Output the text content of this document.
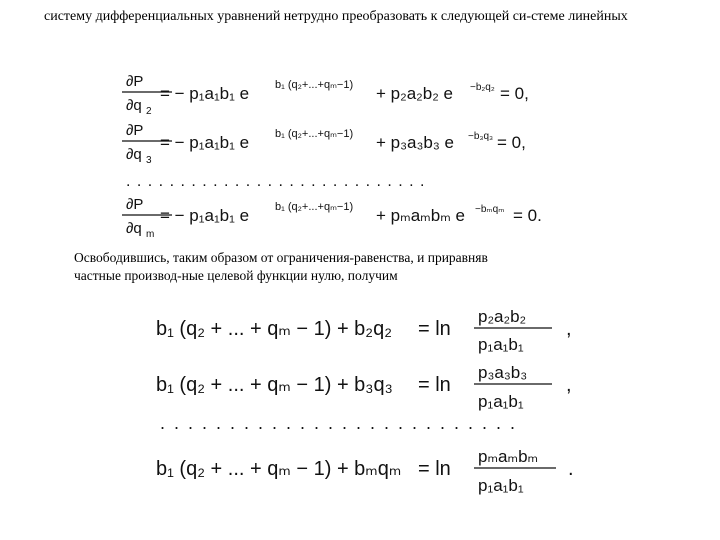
систему дифференциальных уравнений нетрудно преобразовать к следующей си-стеме линейных
∂P
∂q 2
= − p₁a₁b₁ e b₁ (q₂+...+qₘ−1) + p₂a₂b₂ e −b₂q₂ = 0,
∂P
∂q 3
= − p₁a₁b₁ e b₁ (q₂+...+qₘ−1) + p₃a₃b₃ e −b₃q₃ = 0,
. . . . . . . . . . . . . . . . . . . . . . . . . . . .
∂P
∂q m
= − p₁a₁b₁ e b₁ (q₂+...+qₘ−1) + pₘaₘbₘ e −bₘqₘ = 0.
Освободившись, таким образом от ограничения-равенства, и приравняв
частные производ-ные целевой функции нулю, получим
b₁ (q₂ + ... + qₘ − 1) + b₂q₂ = ln
p₂a₂b₂
p₁a₁b₁
,
b₁ (q₂ + ... + qₘ − 1) + b₃q₃ = ln
p₃a₃b₃
p₁a₁b₁
,
. . . . . . . . . . . . . . . . . . . . . . . . . .
b₁ (q₂ + ... + qₘ − 1) + bₘqₘ = ln
pₘaₘbₘ
p₁a₁b₁
.
